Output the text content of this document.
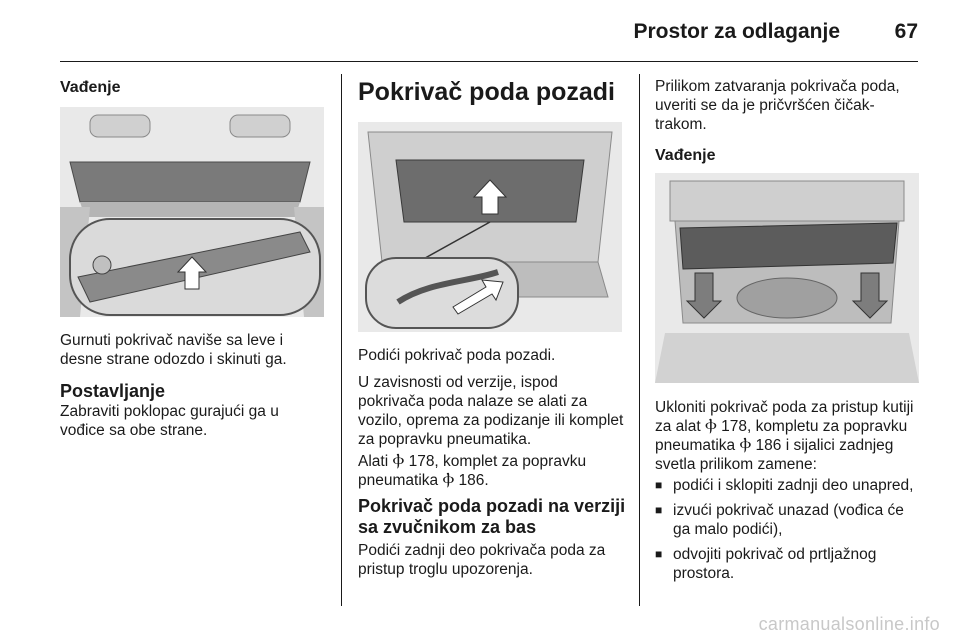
Prostor za odlaganje	67
Vađenje

Gurnuti pokrivač naviše sa leve i desne strane odozdo i skinuti ga.

Postavljanje

Zabraviti poklopac gurajući ga u vođice sa obe strane.

Pokrivač poda pozadi

Podići pokrivač poda pozadi.

U zavisnosti od verzije, ispod pokrivača poda nalaze se alati za vozilo, oprema za podizanje ili komplet za popravku pneumatika.

Alati Ⲫ 178, komplet za popravku pneumatika Ⲫ 186.

Pokrivač poda pozadi na verziji sa zvučnikom za bas

Podići zadnji deo pokrivača poda za pristup troglu upozorenja.

Prilikom zatvaranja pokrivača poda, uveriti se da je pričvršćen čičak-trakom.

Vađenje

Ukloniti pokrivač poda za pristup kutiji za alat Ⲫ 178, kompletu za popravku pneumatika Ⲫ 186 i sijalici zadnjeg svetla prilikom zamene:

■ podići i sklopiti zadnji deo unapred,
■ izvući pokrivač unazad (vođica će ga malo podići),
■ odvojiti pokrivač od prtljažnog prostora.
carmanualsonline.info
